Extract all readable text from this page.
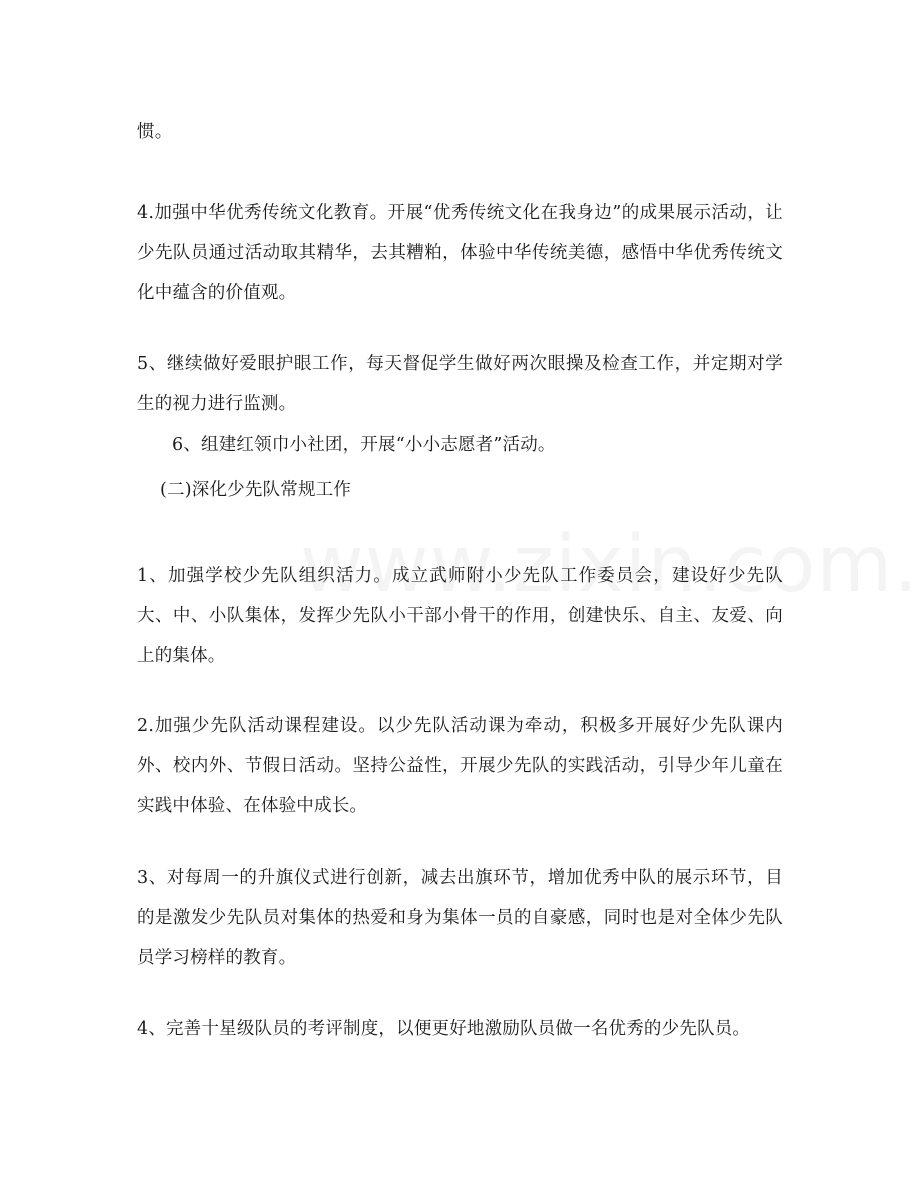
惯。

4.加强中华优秀传统文化教育。开展“优秀传统文化在我身边”的成果展示活动，让少先队员通过活动取其精华，去其糟粕，体验中华传统美德，感悟中华优秀传统文化中蕴含的价值观。

5、继续做好爱眼护眼工作，每天督促学生做好两次眼操及检查工作，并定期对学生的视力进行监测。

6、组建红领巾小社团，开展“小小志愿者”活动。

(二)深化少先队常规工作

1、加强学校少先队组织活力。成立武师附小少先队工作委员会，建设好少先队大、中、小队集体，发挥少先队小干部小骨干的作用，创建快乐、自主、友爱、向上的集体。

2.加强少先队活动课程建设。以少先队活动课为牵动，积极多开展好少先队课内外、校内外、节假日活动。坚持公益性，开展少先队的实践活动，引导少年儿童在实践中体验、在体验中成长。

3、对每周一的升旗仪式进行创新，减去出旗环节，增加优秀中队的展示环节，目的是激发少先队员对集体的热爱和身为集体一员的自豪感，同时也是对全体少先队员学习榜样的教育。

4、完善十星级队员的考评制度，以便更好地激励队员做一名优秀的少先队员。
